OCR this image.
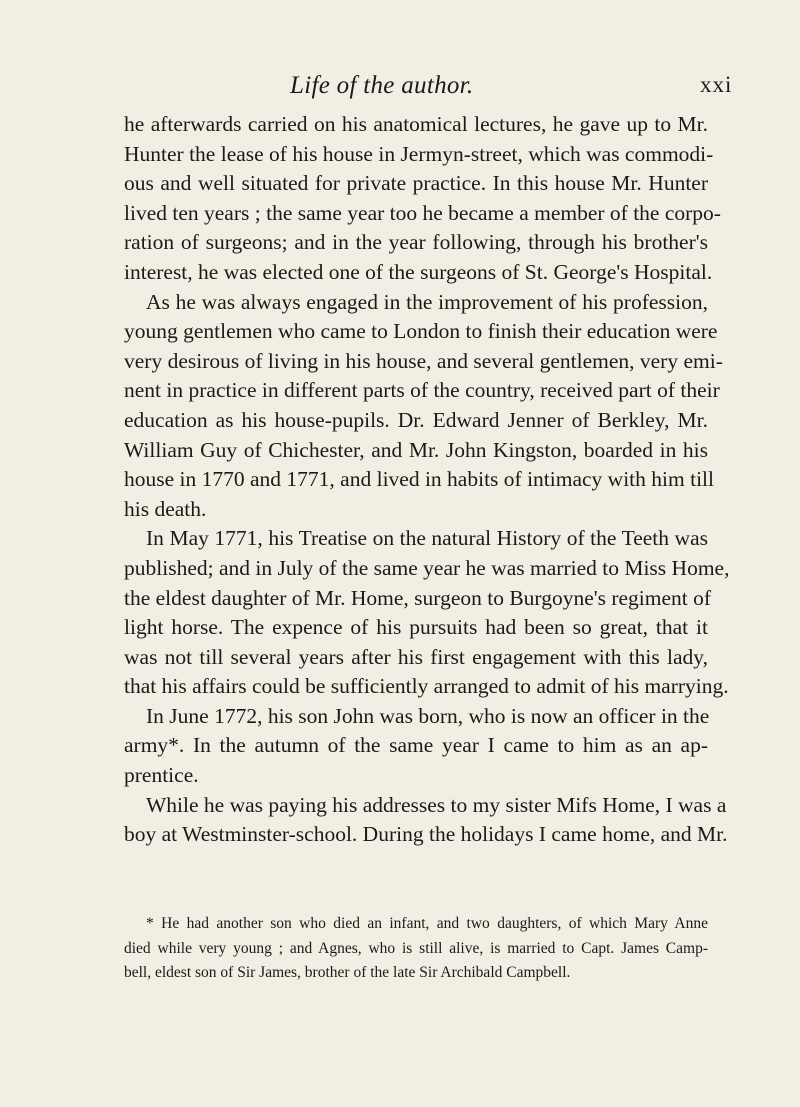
Life of the author.	xxi
he afterwards carried on his anatomical lectures, he gave up to Mr.
Hunter the lease of his house in Jermyn-street, which was commodi-
ous and well situated for private practice. In this house Mr. Hunter
lived ten years ; the same year too he became a member of the corpo-
ration of surgeons; and in the year following, through his brother's
interest, he was elected one of the surgeons of St. George's Hospital.
As he was always engaged in the improvement of his profession,
young gentlemen who came to London to finish their education were
very desirous of living in his house, and several gentlemen, very emi-
nent in practice in different parts of the country, received part of their
education as his house-pupils. Dr. Edward Jenner of Berkley, Mr.
William Guy of Chichester, and Mr. John Kingston, boarded in his
house in 1770 and 1771, and lived in habits of intimacy with him till
his death.
In May 1771, his Treatise on the natural History of the Teeth was
published; and in July of the same year he was married to Miss Home,
the eldest daughter of Mr. Home, surgeon to Burgoyne's regiment of
light horse. The expence of his pursuits had been so great, that it
was not till several years after his first engagement with this lady,
that his affairs could be sufficiently arranged to admit of his marrying.
In June 1772, his son John was born, who is now an officer in the
army*. In the autumn of the same year I came to him as an ap-
prentice.
While he was paying his addresses to my sister Mifs Home, I was a
boy at Westminster-school. During the holidays I came home, and Mr.
* He had another son who died an infant, and two daughters, of which Mary Anne
died while very young ; and Agnes, who is still alive, is married to Capt. James Camp-
bell, eldest son of Sir James, brother of the late Sir Archibald Campbell.
